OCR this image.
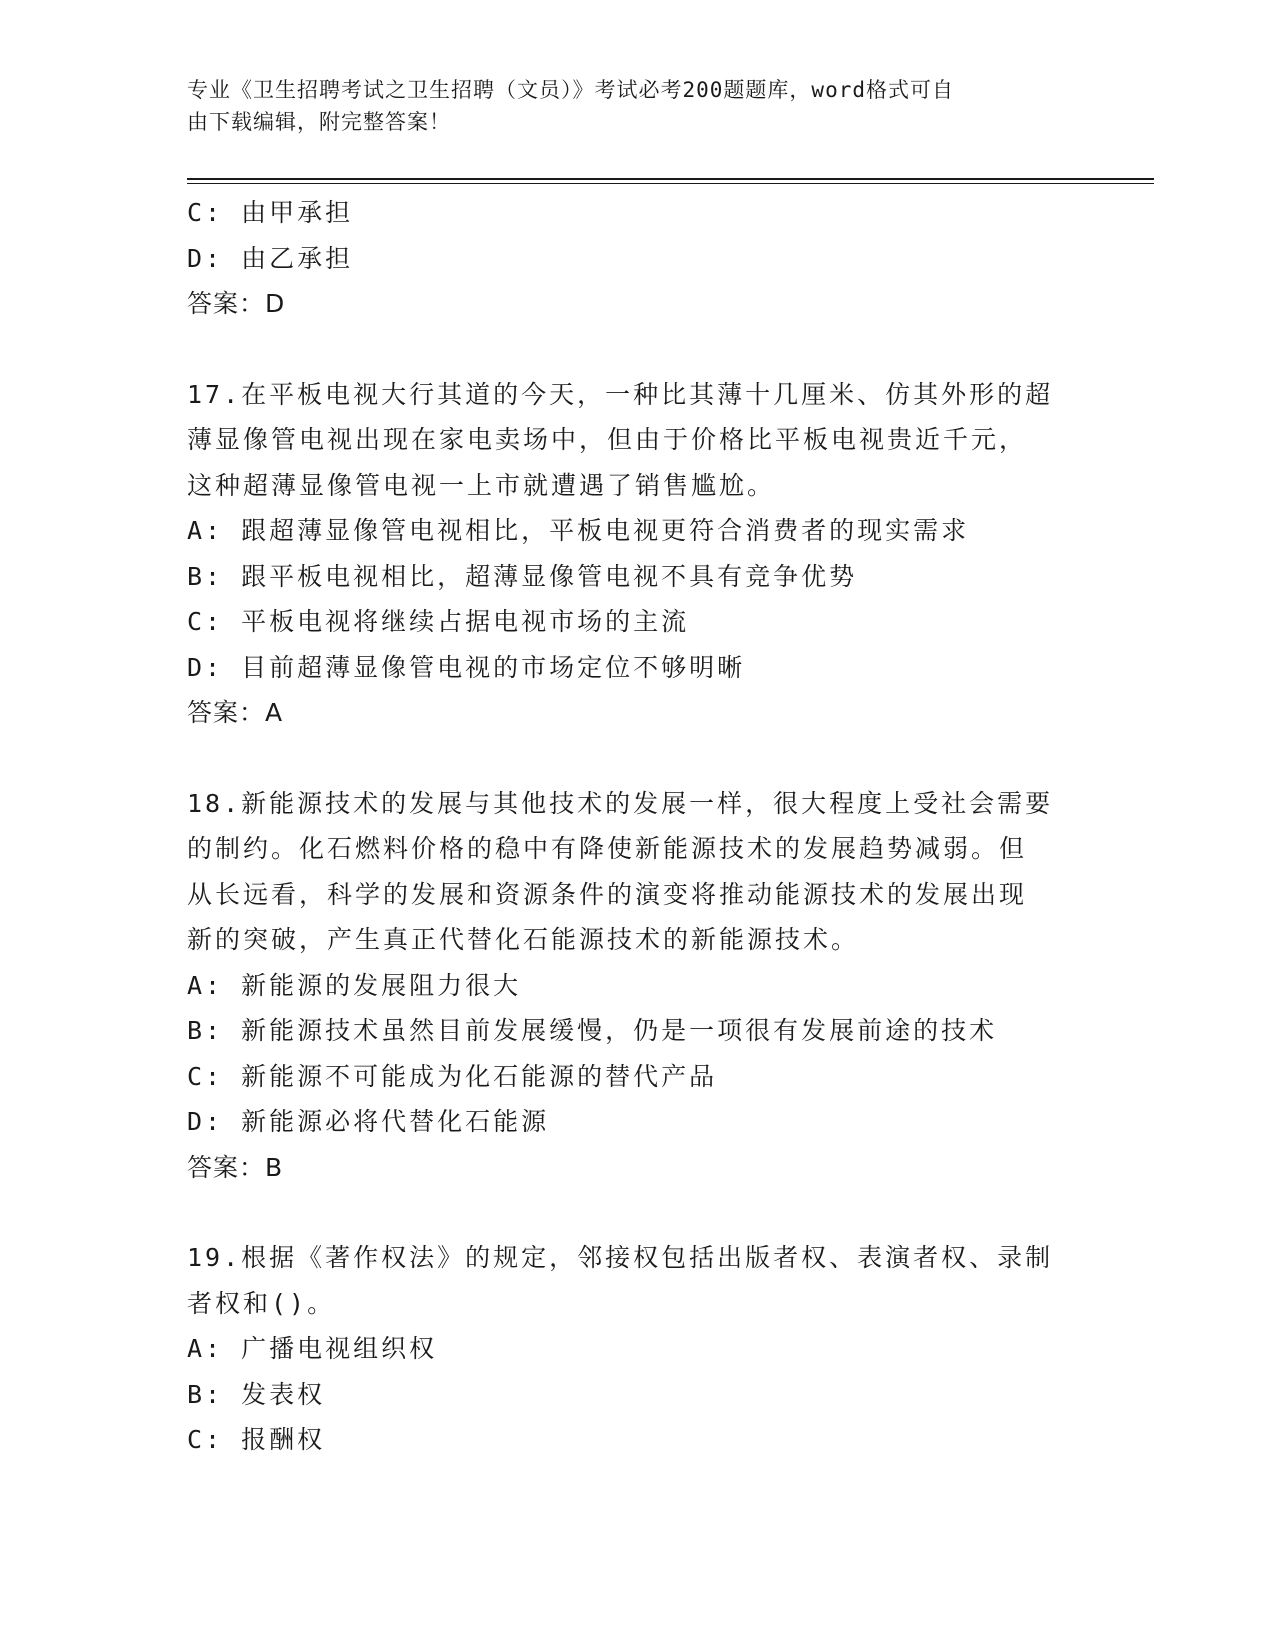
专业《卫生招聘考试之卫生招聘（文员）》考试必考200题题库，word格式可自
由下载编辑，附完整答案！
C: 由甲承担
D: 由乙承担
答案：D
17.在平板电视大行其道的今天，一种比其薄十几厘米、仿其外形的超
薄显像管电视出现在家电卖场中，但由于价格比平板电视贵近千元，
这种超薄显像管电视一上市就遭遇了销售尴尬。
A: 跟超薄显像管电视相比，平板电视更符合消费者的现实需求
B: 跟平板电视相比，超薄显像管电视不具有竞争优势
C: 平板电视将继续占据电视市场的主流
D: 目前超薄显像管电视的市场定位不够明晰
答案：A
18.新能源技术的发展与其他技术的发展一样，很大程度上受社会需要
的制约。化石燃料价格的稳中有降使新能源技术的发展趋势减弱。但
从长远看，科学的发展和资源条件的演变将推动能源技术的发展出现
新的突破，产生真正代替化石能源技术的新能源技术。
A: 新能源的发展阻力很大
B: 新能源技术虽然目前发展缓慢，仍是一项很有发展前途的技术
C: 新能源不可能成为化石能源的替代产品
D: 新能源必将代替化石能源
答案：B
19.根据《著作权法》的规定，邻接权包括出版者权、表演者权、录制
者权和()。
A: 广播电视组织权
B: 发表权
C: 报酬权
